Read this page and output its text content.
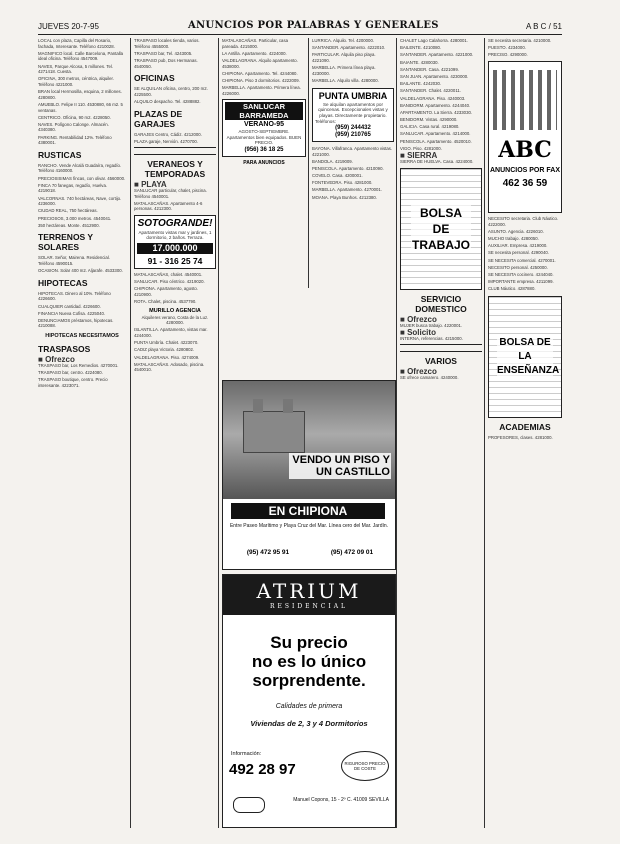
JUEVES 20-7-95	ANUNCIOS POR PALABRAS Y GENERALES	A B C / 51

LOCAL con plaza, Capilla del Rosario, fachada, Interesante. Teléfono 4210028.

MAGNIFICO local. Calle Barcelona, Pantalla ideal oficina. Teléfono 4547009.

NAVES, Parque Alcosa, 5 millones. Tel. 4271418. Cuesta.

OFICINA, 300 metros, céntrica, alquiler. Teléfono 4221000.

BRAN local Hermosilla, esquina, 2 millones. 4280800.

AMUEBLO. Felipe II 110. 4530880, 66 m2. 5 ventanas.

CENTRICO. Oficina, 90 m2. 4228050.

NAVES. Polígono Calonge. Almacén. 4340380.

PARKING. Rentabilidad 12%. Teléfono 4380001.

RUSTICAS

RANCHO. Vende Alcalá Guadaíra, regadío. Teléfono 4160000.

PRECIOSISIMAS fincas, con olivar. 4560000.

FINCA 70 fanegas, regadío, Huelva. 4219018.

VALCORNAS. 740 hectáreas, Nave, cortijo. 4236000.

CIUDAD REAL, 750 hectáreas.

PRECIOSOS, 3.000 metros. 4540041.

350 hectáreas. Monte. 4512900.

TERRENOS Y SOLARES

SOLAR. Señor, Mairena. Residencial. Teléfono 4590015.

OCASION. Solar 400 m2. Aljarafe. 4533300.

HIPOTECAS

HIPOTECAS. Dinero al 10%. Teléfono 4226600.

CUALQUIER cantidad. 4226600.

FINANCIA Nueva Cofisa. 4225040.

DENUNCIAMOS préstamos, hipotecas. 4210088.

HIPOTECAS NECESITAMOS
TRASPASOS
■ Ofrezco

TRASPASO bar, Los Remedios. 4270001.

TRASPASO bar, centro. 4224080.

TRASPASO boutique, centro. Precio interesante. 4223071.

TRASPASO locales tienda, varios. Teléfono 4555000.

TRASPASO bar, Tel. 4243005.

TRASPASO pub, Dos Hermanas. 4540050.

OFICINAS

SE ALQUILAN oficina, centro, 200 m2. 4225500.

ALQUILO despacho. Tel. 4288882.

PLAZAS DE GARAJES

GARAJES Centro, Cádiz. 4212000.

PLAZA garaje, Nervión. 4270700.

VERANEOS Y TEMPORADAS
■ PLAYA

SANLUCAR particular, chalet, piscina. Teléfono 4540001.

MATALASCAÑAS. Apartamento 4-6 personas. 4212300.

SOTOGRANDE!
Apartamento vistas mar y jardines, 1 dormitorio, 2 baños. Terraza.
17.000.000
91 - 316 25 74

MATALASCAÑAS, chalet. 4540001.

SANLUCAR. Piso céntrico. 4219020.

CHIPIONA. Apartamento, agosto. 4210900.

ROTA. Chalet, piscina. 4537790.

MURILLO AGENCIA

Alquileres verano, Costa de la Luz. 4280000.

ISLANTILLA. Apartamento, vistas mar. 4244000.

PUNTA Umbría. Chalet. 4223070.

CADIZ playa Victoria. 4280802.

VALDELAGRANA. Piso. 4274009.

MATALASCAÑAS. Adosado, piscina. 4540010.

MATALASCAÑAS. Particular, casa pareada. 4215000.

LA Antilla. Apartamento. 4224000.

VALDELAGRANA. Alquilo apartamento. 4538000.

CHIPIONA. Apartamento. Tel. 4244080.

CHIPIONA. Piso 3 dormitorios. 4222009.

MARBELLA. Apartamento. Primera línea. 4226000.

SANLUCAR BARRAMEDA
VERANO-95
AGOSTO-SEPTIEMBRE. Apartamentos bien equipados. BUEN PRECIO.
(956) 36 18 25
PARA ANUNCIOS

LURRICA. Alquilo. Tel. 4200000.

SANTANDER. Apartamento. 4222010.

PARTICULAR. Alquila piso playa. 4221090.

MARBELLA. Primera línea playa. 4230000.

MARBELLA. Alquilo villa. 4280000.

PUNTA UMBRIA
Se alquilan apartamentos por quincenas. Excepcionales vistas y playas. Directamente propietario.
Teléfonos:
(959) 244432
(959) 210765

BAYONA. Villafranca. Apartamento vistas. 4221000.

BANDOLA. 4219009.

PENISCOLA. Apartamento. 4210090.

COVELO. Casa. 4200001.

FONTEVEDRA. Piso. 4281000.

MARBELLA. Apartamento. 4270001.

MOANA. Playa Bunhos. 4212380.

VENDO UN PISO Y UN CASTILLO
EN CHIPIONA
Entre Paseo Marítimo y Playa Cruz del Mar. Línea cero del Mar. Jardín.
(95) 472 95 91	(95) 472 09 01
ATRIUM
RESIDENCIAL
Su precio
no es lo único
sorprendente.
Calidades de primera
Viviendas de 2, 3 y 4 Dormitorios
Información:
492 28 97	RIGUROSO PRECIO DE COSTE
Manuel Copons, 15 - 2º C. 41009 SEVILLA

CHALET Lago Calahorra. 4280001.

BAILENTE. 4210080.

SANTANDER. Apartamento. 4221000.

BAIANTE. 4280030.

SANTANDER. Casa. 4221099.

SAN JUAN. Apartamento. 4230000.

BAILANTE. 4242030.

SANTANDER. Chalet. 4220011.

VALDELAGRANA. Piso. 4240003.

BANIDORM. Apartamento. 4244040.

APARTAMENTO. La Sierra. 4233030.

BENIDORM. Vistas. 4290000.

GALICIA. Casa rural. 4219080.

SANLUCAR. Apartamento. 4214000.

PENISCOLA. Apartamento. 4520010.

VIGO. Piso. 4281000.

■ SIERRA

SIERRA DE HUELVA. Casa. 4224000.

BOLSA DE TRABAJO
SERVICIO DOMESTICO
■ Ofrezco

MUJER busca trabajo. 4220001.

■ Solicito

INTERNA, referencias. 4215000.

VARIOS
■ Ofrezco

SE ofrece camarero. 4240000.

SE necesita secretaria. 4210000.

PUESTO. 4234000.

PRECISO. 4290000.

ABC
ANUNCIOS POR FAX
462 36 59

NECESITO secretaria. Club Náutico. 4222000.

ASUNTO. Agencia. 4226010.

MUCHO trabajo. 4280050.

AUXILIAR. Empresa. 4219000.

SE necesita personal. 4290040.

SE NECESITA comercial. 4270001.

NECESITO personal. 4250000.

SE NECESITA cocinero. 4244040.

IMPORTANTE empresa. 4211099.

CLUB Náutico. 4287880.

BOLSA DE LA ENSEÑANZA
ACADEMIAS

PROFESORES, clases. 4281000.
